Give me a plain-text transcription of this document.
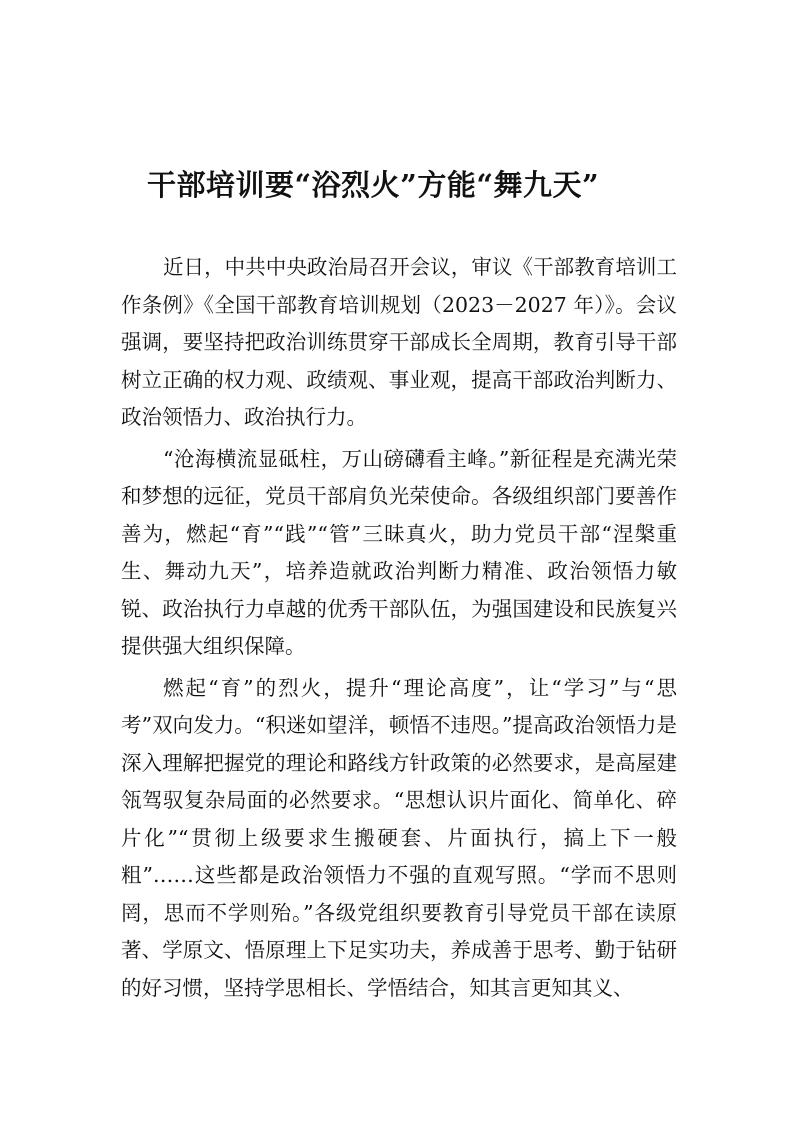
干部培训要“浴烈火”方能“舞九天”

近日，中共中央政治局召开会议，审议《干部教育培训工作条例》《全国干部教育培训规划（2023－2027 年）》。会议强调，要坚持把政治训练贯穿干部成长全周期，教育引导干部树立正确的权力观、政绩观、事业观，提高干部政治判断力、政治领悟力、政治执行力。

“沧海横流显砥柱，万山磅礴看主峰。”新征程是充满光荣和梦想的远征，党员干部肩负光荣使命。各级组织部门要善作善为，燃起“育”“践”“管”三昧真火，助力党员干部“涅槃重生、舞动九天”，培养造就政治判断力精准、政治领悟力敏锐、政治执行力卓越的优秀干部队伍，为强国建设和民族复兴提供强大组织保障。

燃起“育”的烈火，提升“理论高度”，让“学习”与“思考”双向发力。“积迷如望洋，顿悟不违咫。”提高政治领悟力是深入理解把握党的理论和路线方针政策的必然要求，是高屋建瓴驾驭复杂局面的必然要求。“思想认识片面化、简单化、碎片化”“贯彻上级要求生搬硬套、片面执行，搞上下一般粗”……这些都是政治领悟力不强的直观写照。“学而不思则罔，思而不学则殆。”各级党组织要教育引导党员干部在读原著、学原文、悟原理上下足实功夫，养成善于思考、勤于钻研的好习惯，坚持学思相长、学悟结合，知其言更知其义、
